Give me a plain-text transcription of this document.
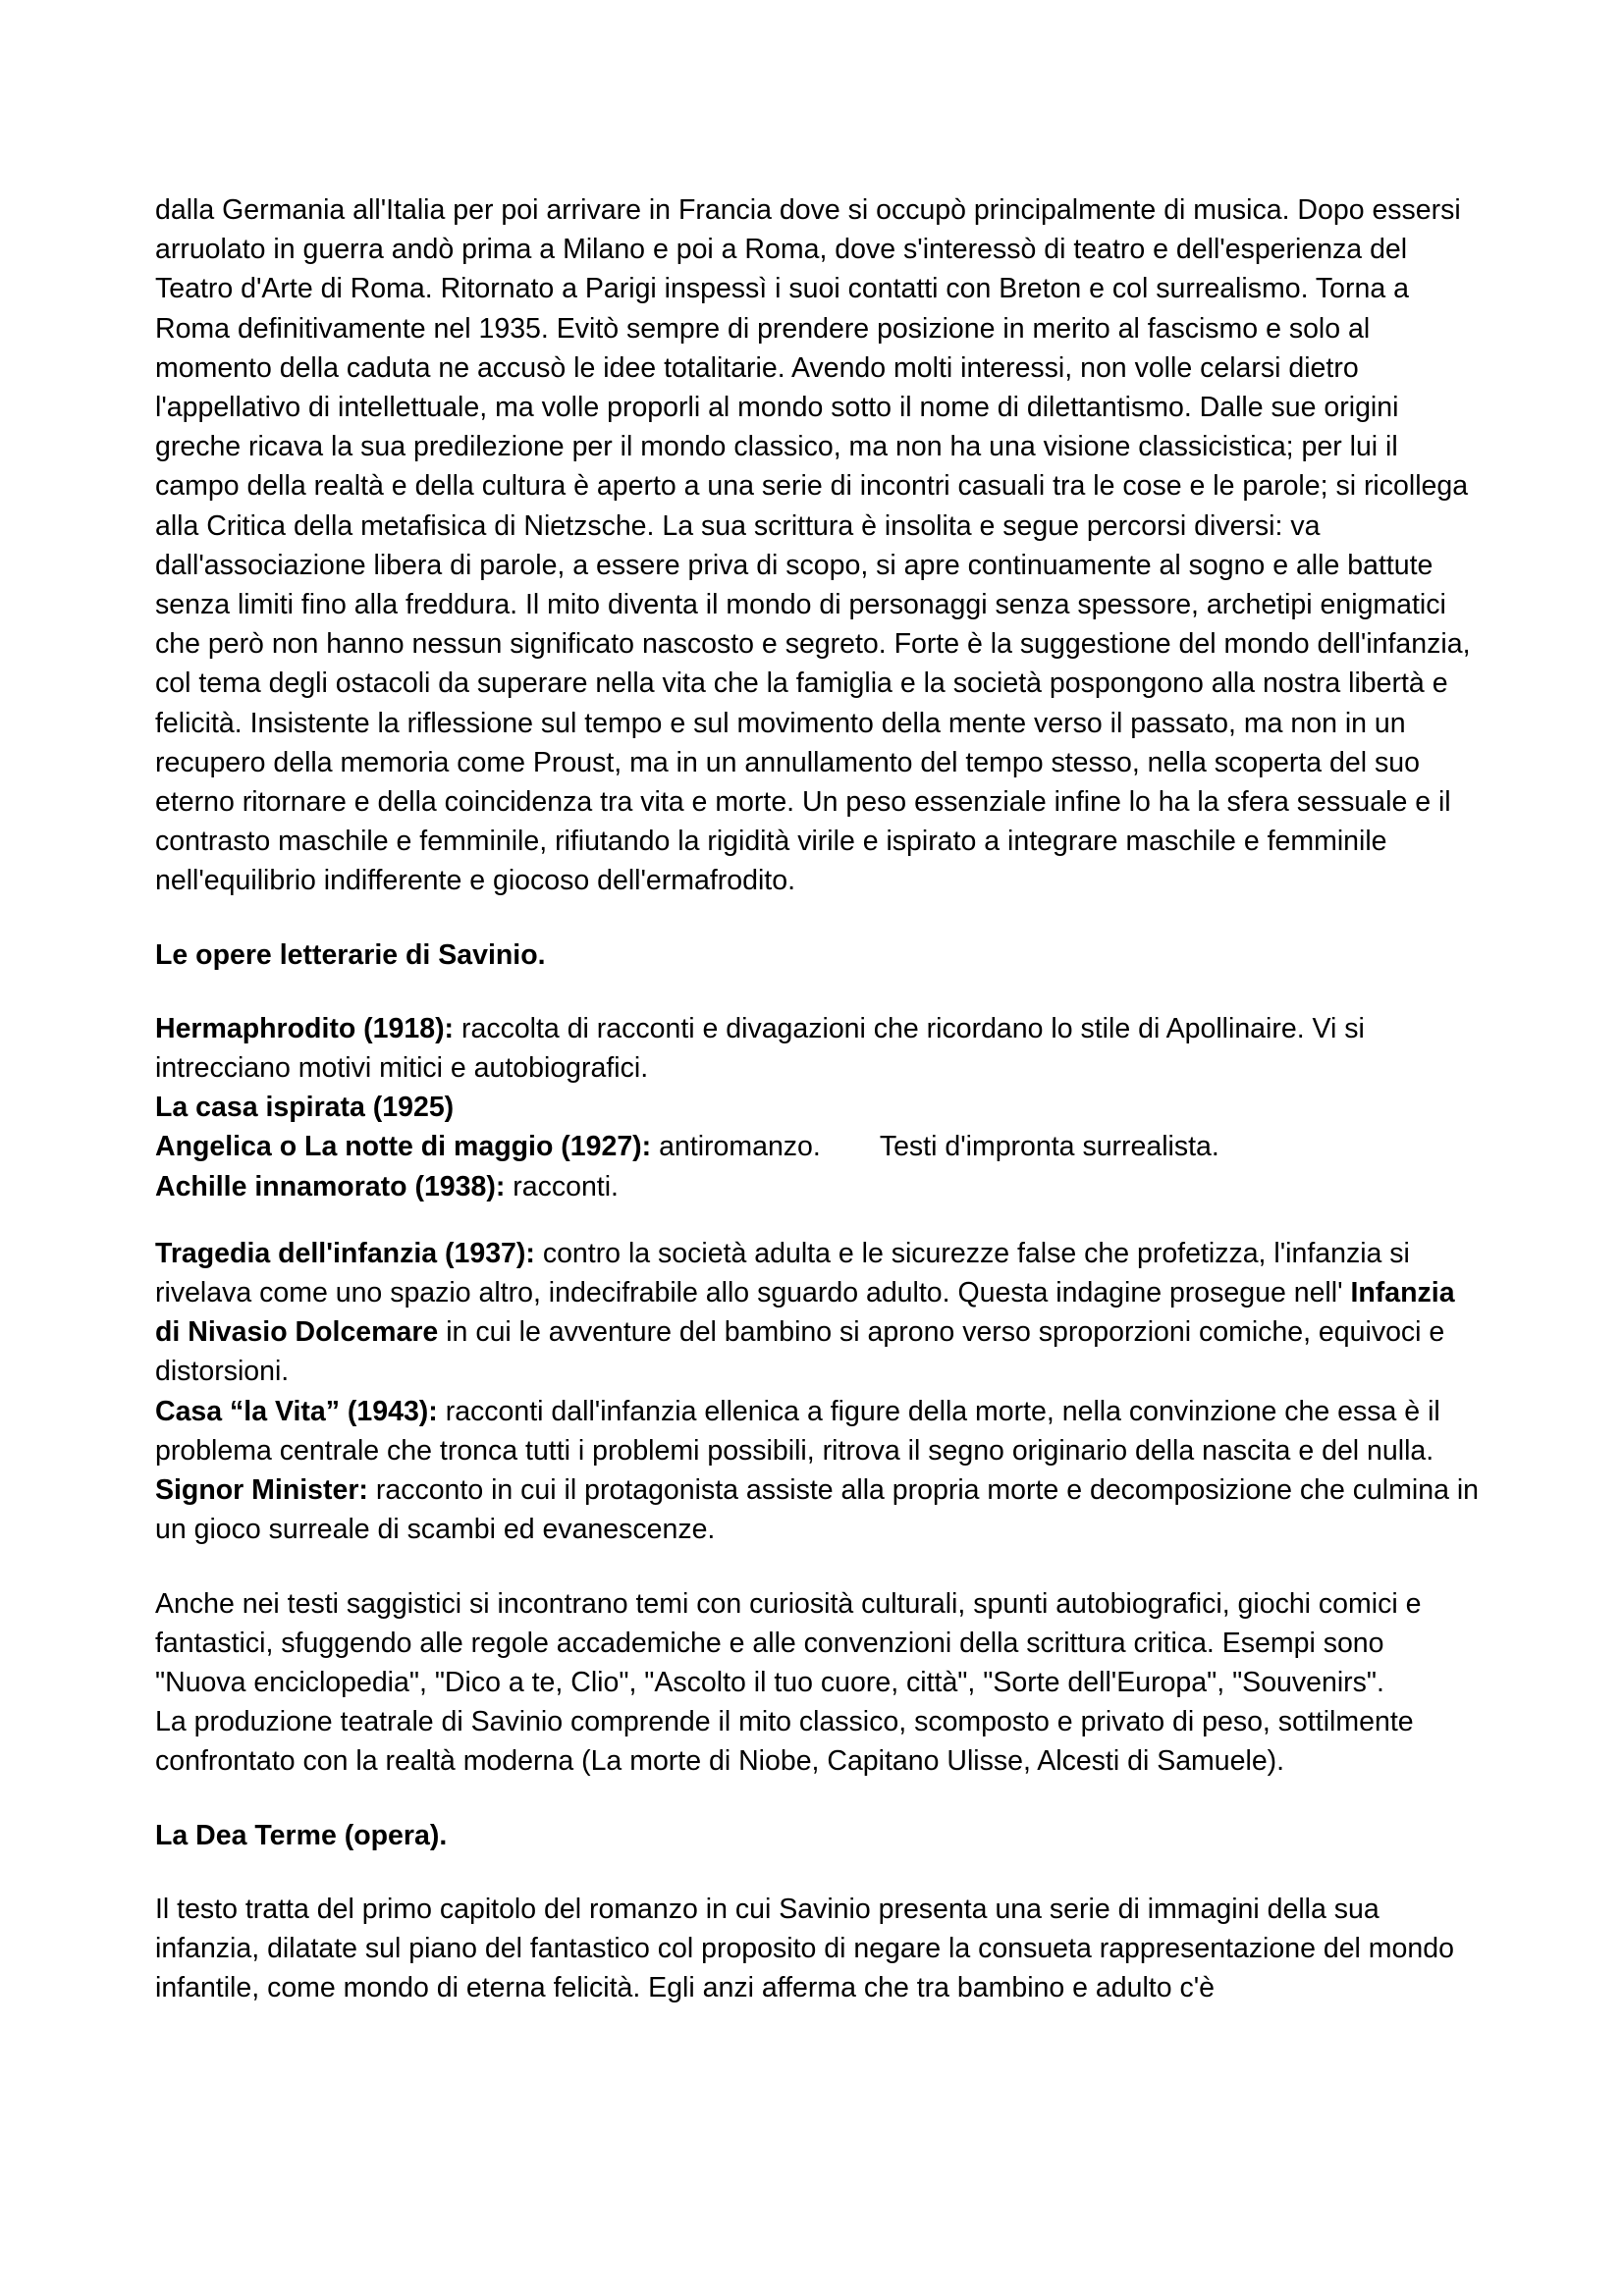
dalla Germania all'Italia per poi arrivare in Francia dove si occupò principalmente di musica. Dopo essersi arruolato in guerra andò prima a Milano e poi a Roma, dove s'interessò di teatro e dell'esperienza del Teatro d'Arte di Roma. Ritornato a Parigi inspessì i suoi contatti con Breton e col surrealismo. Torna a Roma definitivamente nel 1935. Evitò sempre di prendere posizione in merito al fascismo e solo al momento della caduta ne accusò le idee totalitarie. Avendo molti interessi, non volle celarsi dietro l'appellativo di intellettuale, ma volle proporli al mondo sotto il nome di dilettantismo. Dalle sue origini greche ricava la sua predilezione per il mondo classico, ma non ha una visione classicistica; per lui il campo della realtà e della cultura è aperto a una serie di incontri casuali tra le cose e le parole; si ricollega alla Critica della metafisica di Nietzsche. La sua scrittura è insolita e segue percorsi diversi: va dall'associazione libera di parole, a essere priva di scopo, si apre continuamente al sogno e alle battute senza limiti fino alla freddura. Il mito diventa il mondo di personaggi senza spessore, archetipi enigmatici che però non hanno nessun significato nascosto e segreto. Forte è la suggestione del mondo dell'infanzia, col tema degli ostacoli da superare nella vita che la famiglia e la società pospongono alla nostra libertà e felicità. Insistente la riflessione sul tempo e sul movimento della mente verso il passato, ma non in un recupero della memoria come Proust, ma in un annullamento del tempo stesso, nella scoperta del suo eterno ritornare e della coincidenza tra vita e morte. Un peso essenziale infine lo ha la sfera sessuale e il contrasto maschile e femminile, rifiutando la rigidità virile e ispirato a integrare maschile e femminile nell'equilibrio indifferente e giocoso dell'ermafrodito.

Le opere letterarie di Savinio.

Hermaphrodito (1918): raccolta di racconti e divagazioni che ricordano lo stile di Apollinaire. Vi si intrecciano motivi mitici e autobiografici.

La casa ispirata (1925)

Angelica o La notte di maggio (1927): antiromanzo. Testi d'impronta surrealista.

Achille innamorato (1938): racconti.

Tragedia dell'infanzia (1937): contro la società adulta e le sicurezze false che profetizza, l'infanzia si rivelava come uno spazio altro, indecifrabile allo sguardo adulto. Questa indagine prosegue nell' Infanzia di Nivasio Dolcemare in cui le avventure del bambino si aprono verso sproporzioni comiche, equivoci e distorsioni.

Casa “la Vita” (1943): racconti dall'infanzia ellenica a figure della morte, nella convinzione che essa è il problema centrale che tronca tutti i problemi possibili, ritrova il segno originario della nascita e del nulla.

Signor Minister: racconto in cui il protagonista assiste alla propria morte e decomposizione che culmina in un gioco surreale di scambi ed evanescenze.

Anche nei testi saggistici si incontrano temi con curiosità culturali, spunti autobiografici, giochi comici e fantastici, sfuggendo alle regole accademiche e alle convenzioni della scrittura critica. Esempi sono "Nuova enciclopedia", "Dico a te, Clio", "Ascolto il tuo cuore, città", "Sorte dell'Europa", "Souvenirs".

La produzione teatrale di Savinio comprende il mito classico, scomposto e privato di peso, sottilmente confrontato con la realtà moderna (La morte di Niobe, Capitano Ulisse, Alcesti di Samuele).

La Dea Terme (opera).

Il testo tratta del primo capitolo del romanzo in cui Savinio presenta una serie di immagini della sua infanzia, dilatate sul piano del fantastico col proposito di negare la consueta rappresentazione del mondo infantile, come mondo di eterna felicità. Egli anzi afferma che tra bambino e adulto c'è
